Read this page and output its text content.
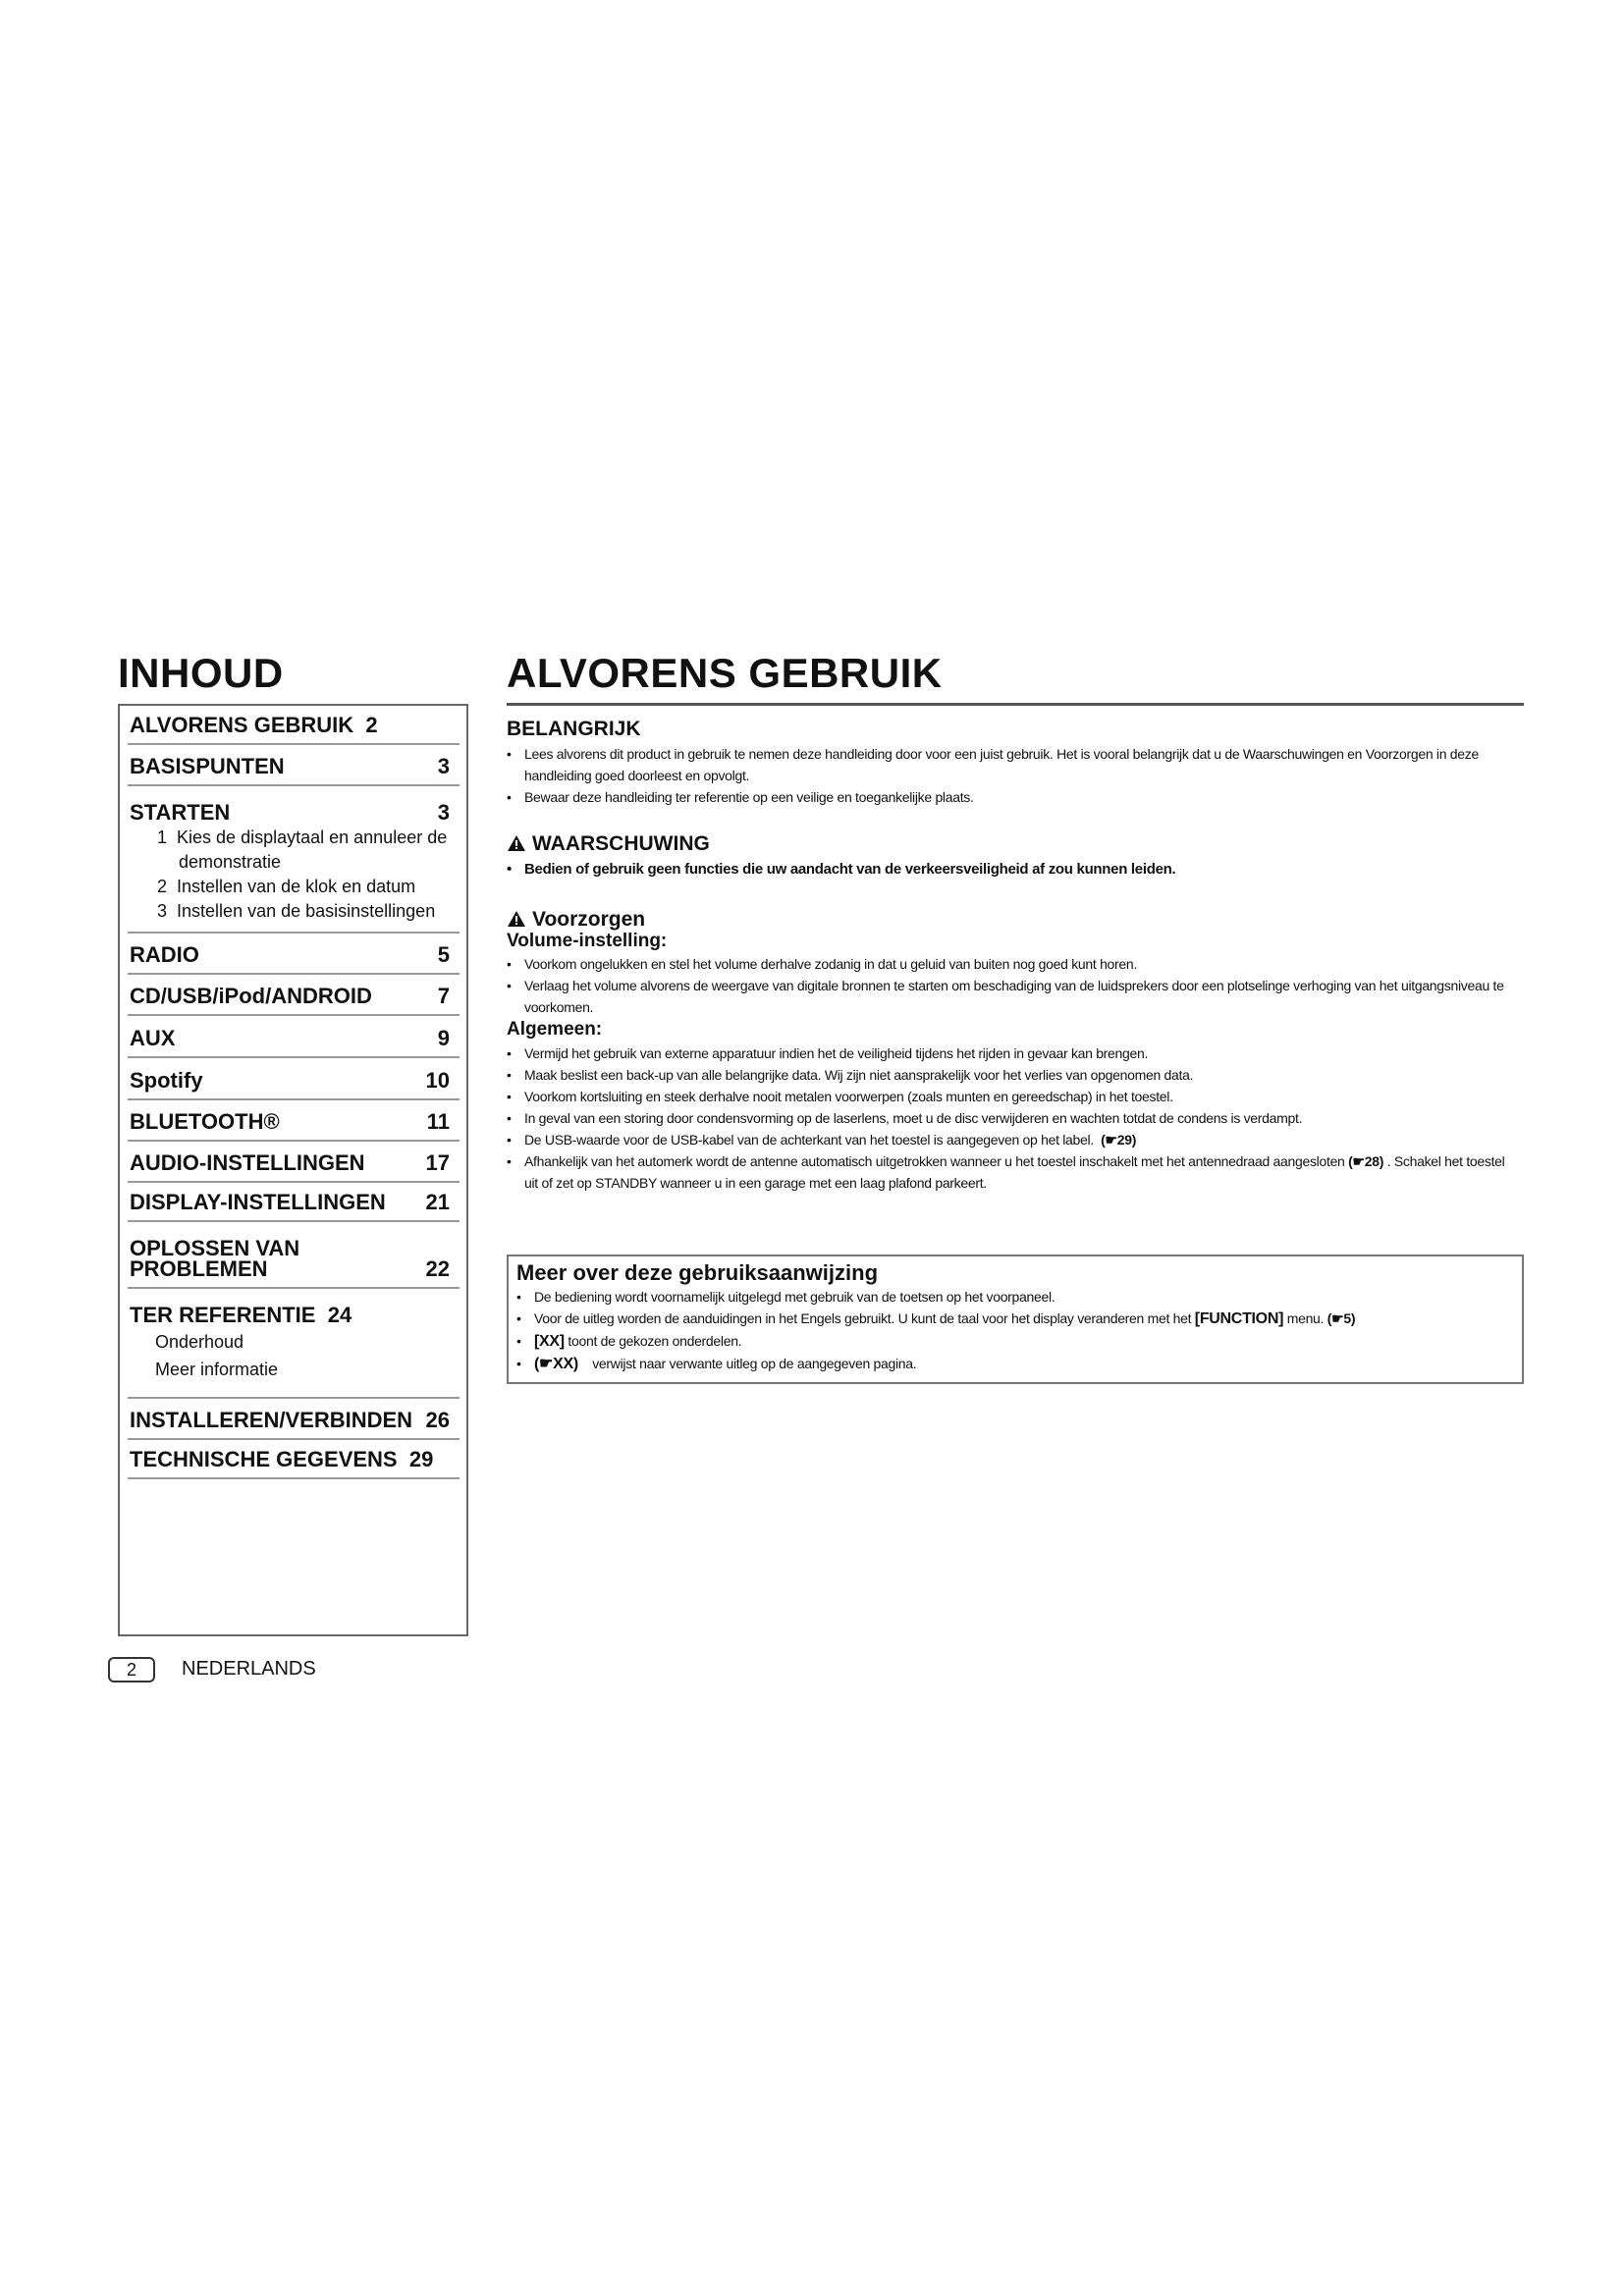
INHOUD
ALVORENS GEBRUIK 2
BASISPUNTEN	3
STARTEN	3
1 Kies de displaytaal en annuleer de
demonstratie
2 Instellen van de klok en datum
3 Instellen van de basisinstellingen
RADIO	5
CD/USB/iPod/ANDROID	7
AUX	9
Spotify	10
BLUETOOTH®	11
AUDIO-INSTELLINGEN	17
DISPLAY-INSTELLINGEN 21
OPLOSSEN VAN
PROBLEMEN	22
TER REFERENTIE 24
Onderhoud
Meer informatie
INSTALLEREN/VERBINDEN 26
TECHNISCHE GEGEVENS 29
ALVORENS GEBRUIK
BELANGRIJK
• Lees alvorens dit product in gebruik te nemen deze handleiding door voor een juist gebruik. Het is vooral belangrijk dat u de Waarschuwingen en Voorzorgen in deze
handleiding goed doorleest en opvolgt.
• Bewaar deze handleiding ter referentie op een veilige en toegankelijke plaats.
WAARSCHUWING
• Bedien of gebruik geen functies die uw aandacht van de verkeersveiligheid af zou kunnen leiden.
Voorzorgen
Volume-instelling:
• Voorkom ongelukken en stel het volume derhalve zodanig in dat u geluid van buiten nog goed kunt horen.
• Verlaag het volume alvorens de weergave van digitale bronnen te starten om beschadiging van de luidsprekers door een plotselinge verhoging van het uitgangsniveau te
voorkomen.
Algemeen:
• Vermijd het gebruik van externe apparatuur indien het de veiligheid tijdens het rijden in gevaar kan brengen.
• Maak beslist een back-up van alle belangrijke data. Wij zijn niet aansprakelijk voor het verlies van opgenomen data.
• Voorkom kortsluiting en steek derhalve nooit metalen voorwerpen (zoals munten en gereedschap) in het toestel.
• In geval van een storing door condensvorming op de laserlens, moet u de disc verwijderen en wachten totdat de condens is verdampt.
• De USB-waarde voor de USB-kabel van de achterkant van het toestel is aangegeven op het label. (☛29)
• Afhankelijk van het automerk wordt de antenne automatisch uitgetrokken wanneer u het toestel inschakelt met het antennedraad aangesloten (☛28) . Schakel het toestel
uit of zet op STANDBY wanneer u in een garage met een laag plafond parkeert.
Meer over deze gebruiksaanwijzing
• De bediening wordt voornamelijk uitgelegd met gebruik van de toetsen op het voorpaneel.
• Voor de uitleg worden de aanduidingen in het Engels gebruikt. U kunt de taal voor het display veranderen met het [FUNCTION] menu. (☛5)
• [XX] toont de gekozen onderdelen.
• (☛XX) verwijst naar verwante uitleg op de aangegeven pagina.
2	NEDERLANDS
